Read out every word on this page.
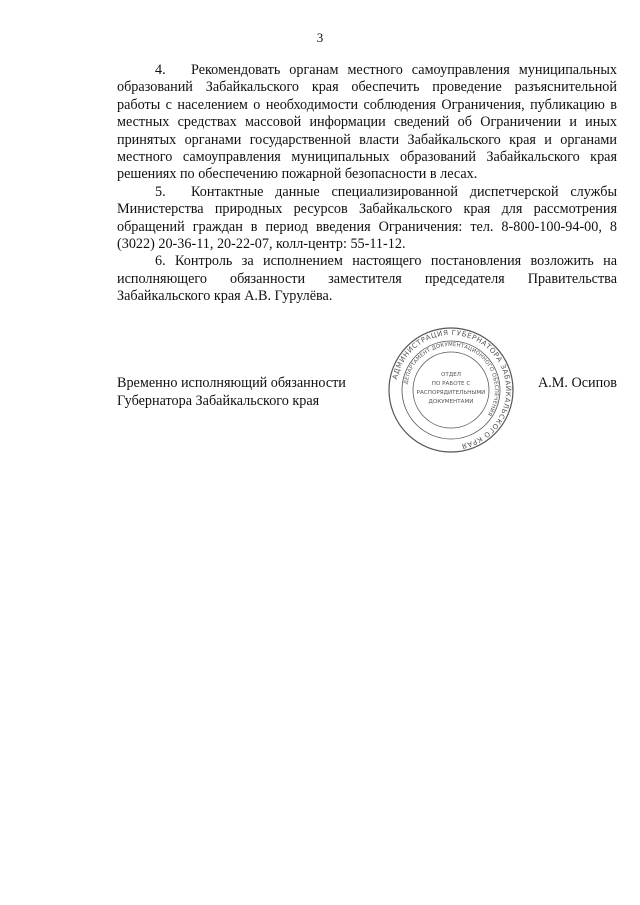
3

4. Рекомендовать органам местного самоуправления муниципальных образований Забайкальского края обеспечить проведение разъяснительной работы с населением о необходимости соблюдения Ограничения, публикацию в местных средствах массовой информации сведений об Ограничении и иных принятых органами государственной власти Забайкальского края и органами местного самоуправления муниципальных образований Забайкальского края решениях по обеспечению пожарной безопасности в лесах.

5. Контактные данные специализированной диспетчерской службы Министерства природных ресурсов Забайкальского края для рассмотрения обращений граждан в период введения Ограничения: тел. 8-800-100-94-00, 8 (3022) 20-36-11, 20-22-07, колл-центр: 55-11-12.

6. Контроль за исполнением настоящего постановления возложить на исполняющего обязанности заместителя председателя Правительства Забайкальского края А.В. Гурулёва.

Временно исполняющий обязанности
Губернатора Забайкальского края
А.М. Осипов
АДМИНИСТРАЦИЯ ГУБЕРНАТОРА ЗАБАЙКАЛЬСКОГО КРАЯ
ДЕПАРТАМЕНТ ДОКУМЕНТАЦИОННОГО ОБЕСПЕЧЕНИЯ
ОТДЕЛ
ПО РАБОТЕ С
РАСПОРЯДИТЕЛЬНЫМИ
ДОКУМЕНТАМИ
